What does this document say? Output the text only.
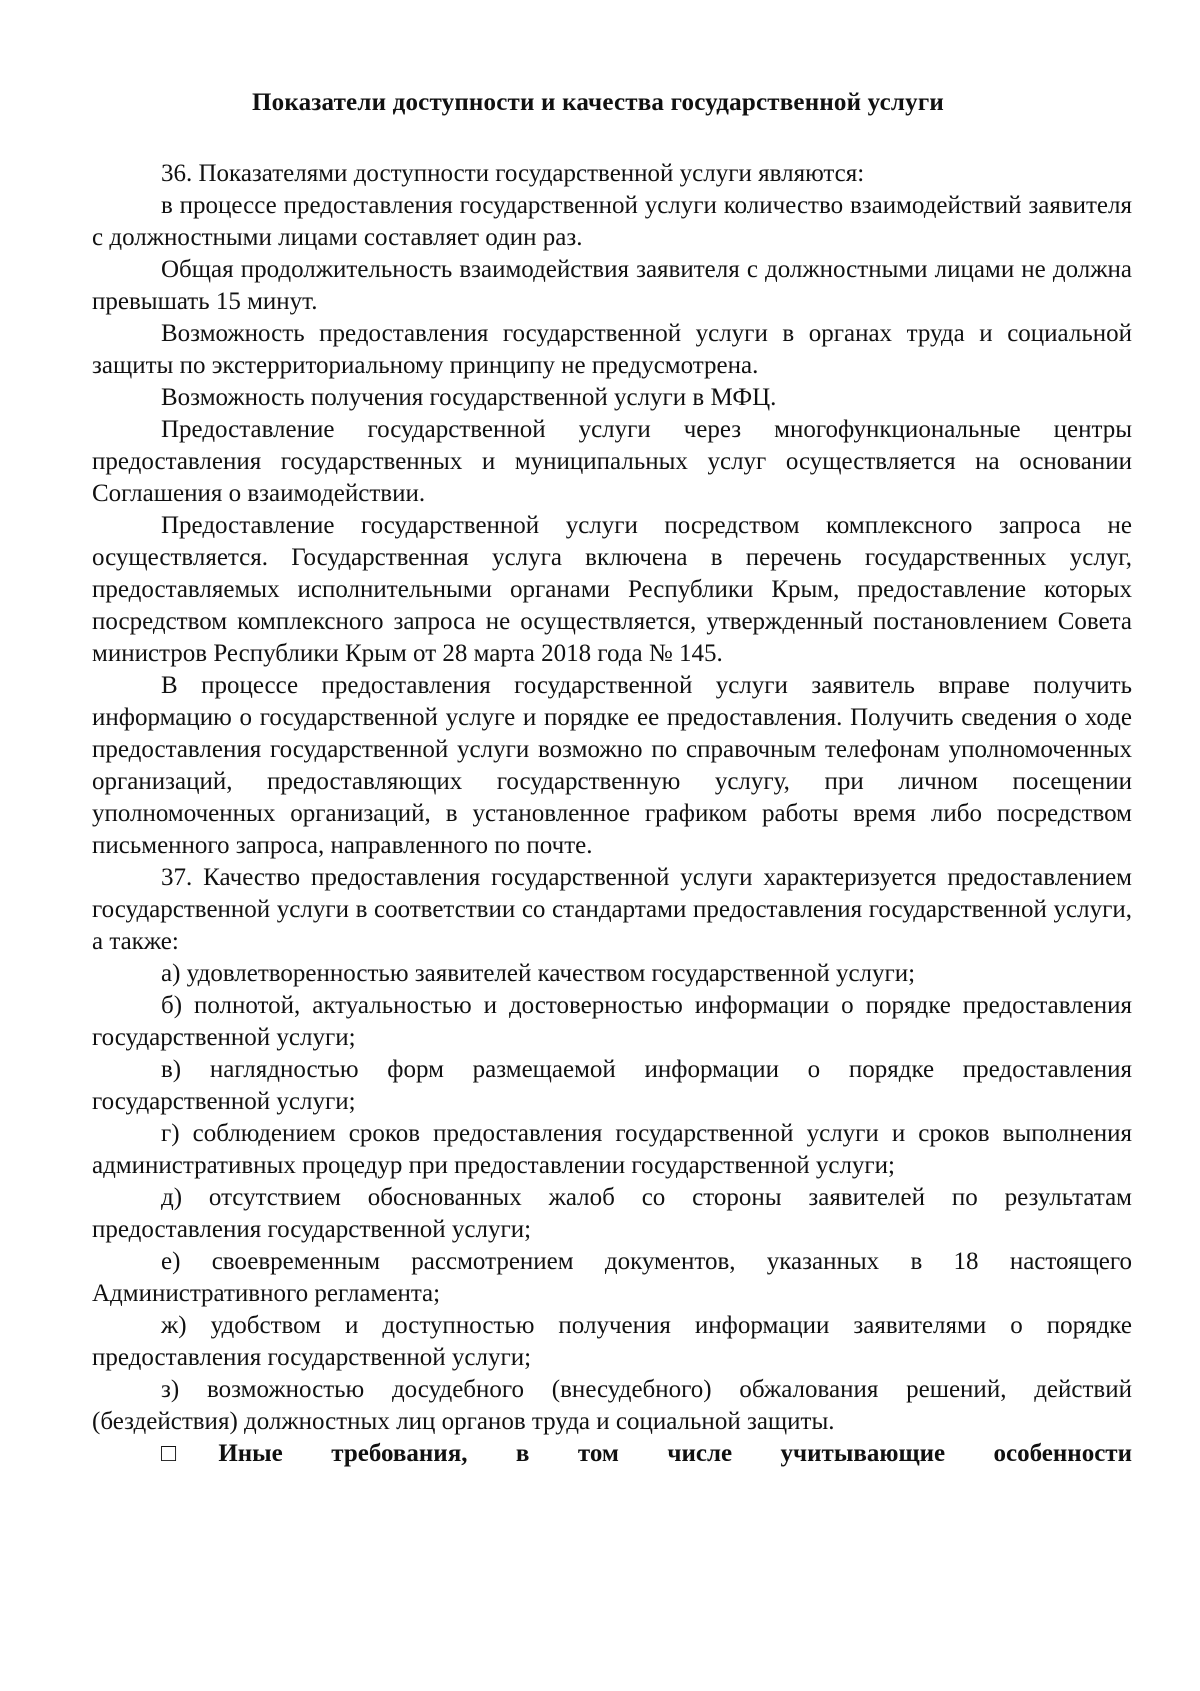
Показатели доступности и качества государственной услуги

36. Показателями доступности государственной услуги являются:

в процессе предоставления государственной услуги количество взаимодействий заявителя с должностными лицами составляет один раз.

Общая продолжительность взаимодействия заявителя с должностными лицами не должна превышать 15 минут.

Возможность предоставления государственной услуги в органах труда и социальной защиты по экстерриториальному принципу не предусмотрена.

Возможность получения государственной услуги в МФЦ.

Предоставление государственной услуги через многофункциональные центры предоставления государственных и муниципальных услуг осуществляется на основании Соглашения о взаимодействии.

Предоставление государственной услуги посредством комплексного запроса не осуществляется. Государственная услуга включена в перечень государственных услуг, предоставляемых исполнительными органами Республики Крым, предоставление которых посредством комплексного запроса не осуществляется, утвержденный постановлением Совета министров Республики Крым от 28 марта 2018 года № 145.

В процессе предоставления государственной услуги заявитель вправе получить информацию о государственной услуге и порядке ее предоставления. Получить сведения о ходе предоставления государственной услуги возможно по справочным телефонам уполномоченных организаций, предоставляющих государственную услугу, при личном посещении уполномоченных организаций, в установленное графиком работы время либо посредством письменного запроса, направленного по почте.

37. Качество предоставления государственной услуги характеризуется предоставлением государственной услуги в соответствии со стандартами предоставления государственной услуги, а также:

а) удовлетворенностью заявителей качеством государственной услуги;

б) полнотой, актуальностью и достоверностью информации о порядке предоставления государственной услуги;

в) наглядностью форм размещаемой информации о порядке предоставления государственной услуги;

г) соблюдением сроков предоставления государственной услуги и сроков выполнения административных процедур при предоставлении государственной услуги;

д) отсутствием обоснованных жалоб со стороны заявителей по результатам предоставления государственной услуги;

е) своевременным рассмотрением документов, указанных в 18 настоящего Административного регламента;

ж) удобством и доступностью получения информации заявителями о порядке предоставления государственной услуги;

з) возможностью досудебного (внесудебного) обжалования решений, действий (бездействия) должностных лиц органов труда и социальной защиты.

□Иные требования, в том числе учитывающие особенности
